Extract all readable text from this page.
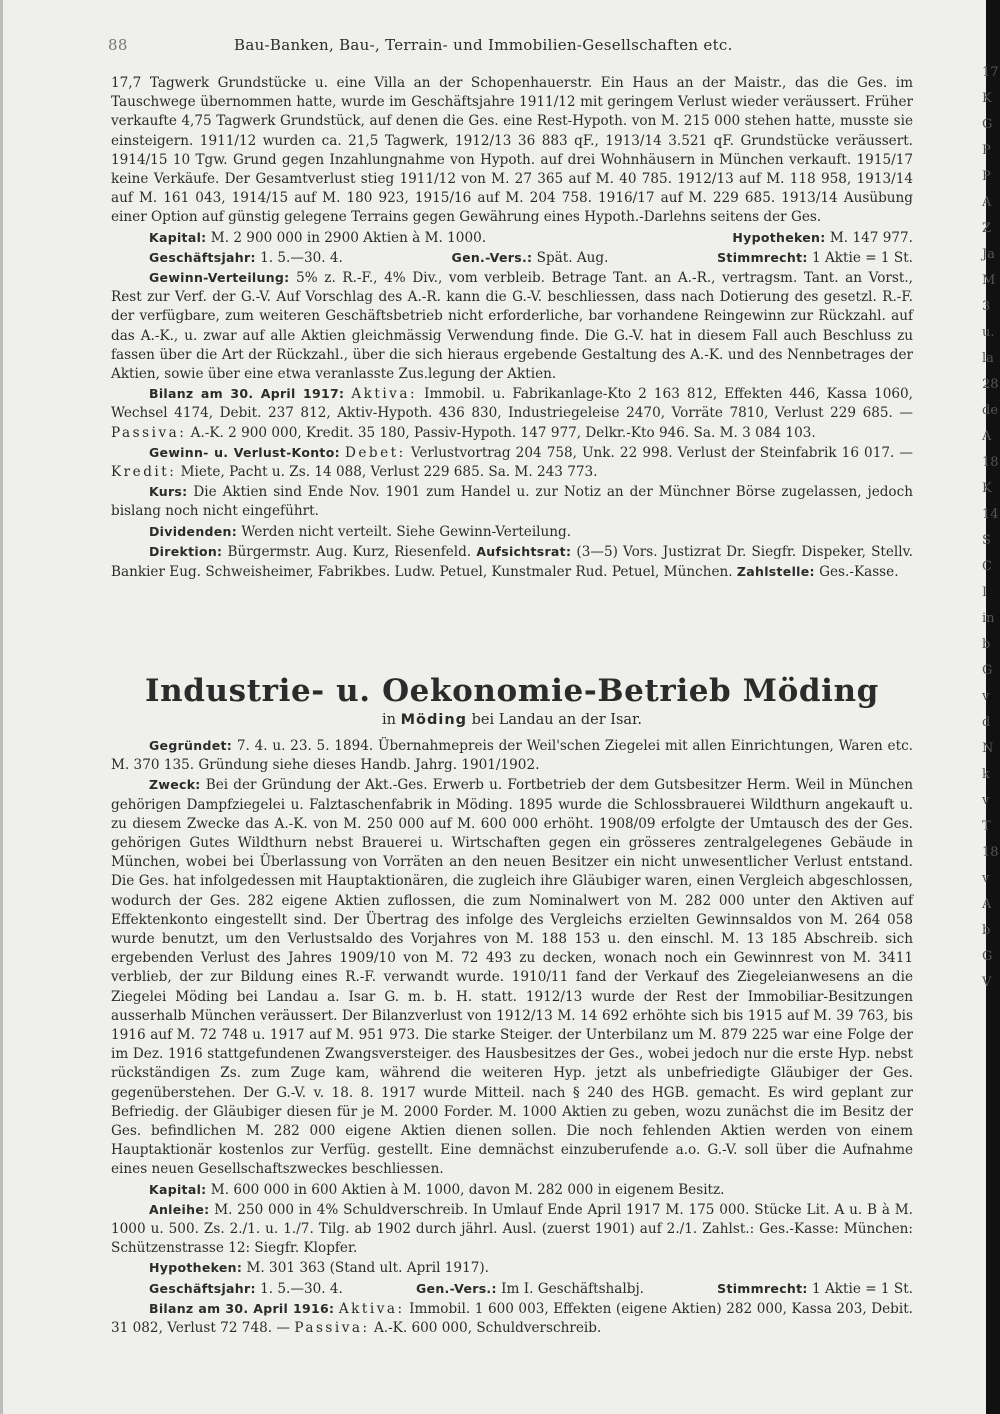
88	Bau-Banken, Bau-, Terrain- und Immobilien-Gesellschaften etc.

17,7 Tagwerk Grundstücke u. eine Villa an der Schopenhauerstr. Ein Haus an der Maistr., das die Ges. im Tauschwege übernommen hatte, wurde im Geschäftsjahre 1911/12 mit geringem Verlust wieder veräussert. Früher verkaufte 4,75 Tagwerk Grundstück, auf denen die Ges. eine Rest-Hypoth. von M. 215 000 stehen hatte, musste sie einsteigern. 1911/12 wurden ca. 21,5 Tagwerk, 1912/13 36 883 qF., 1913/14 3.521 qF. Grundstücke veräussert. 1914/15 10 Tgw. Grund gegen Inzahlungnahme von Hypoth. auf drei Wohnhäusern in München verkauft. 1915/17 keine Verkäufe. Der Gesamtverlust stieg 1911/12 von M. 27 365 auf M. 40 785. 1912/13 auf M. 118 958, 1913/14 auf M. 161 043, 1914/15 auf M. 180 923, 1915/16 auf M. 204 758. 1916/17 auf M. 229 685. 1913/14 Ausübung einer Option auf günstig gelegene Terrains gegen Gewährung eines Hypoth.-Darlehns seitens der Ges.

Kapital: M. 2 900 000 in 2900 Aktien à M. 1000.	Hypotheken: M. 147 977.

Geschäftsjahr: 1. 5.—30. 4.	Gen.-Vers.: Spät. Aug.	Stimmrecht: 1 Aktie = 1 St.

Gewinn-Verteilung: 5% z. R.-F., 4% Div., vom verbleib. Betrage Tant. an A.-R., vertragsm. Tant. an Vorst., Rest zur Verf. der G.-V. Auf Vorschlag des A.-R. kann die G.-V. beschliessen, dass nach Dotierung des gesetzl. R.-F. der verfügbare, zum weiteren Geschäftsbetrieb nicht erforderliche, bar vorhandene Reingewinn zur Rückzahl. auf das A.-K., u. zwar auf alle Aktien gleichmässig Verwendung finde. Die G.-V. hat in diesem Fall auch Beschluss zu fassen über die Art der Rückzahl., über die sich hieraus ergebende Gestaltung des A.-K. und des Nennbetrages der Aktien, sowie über eine etwa veranlasste Zus.legung der Aktien.

Bilanz am 30. April 1917: Aktiva: Immobil. u. Fabrikanlage-Kto 2 163 812, Effekten 446, Kassa 1060, Wechsel 4174, Debit. 237 812, Aktiv-Hypoth. 436 830, Industriegeleise 2470, Vorräte 7810, Verlust 229 685. — Passiva: A.-K. 2 900 000, Kredit. 35 180, Passiv-Hypoth. 147 977, Delkr.-Kto 946. Sa. M. 3 084 103.

Gewinn- u. Verlust-Konto: Debet: Verlustvortrag 204 758, Unk. 22 998. Verlust der Steinfabrik 16 017. — Kredit: Miete, Pacht u. Zs. 14 088, Verlust 229 685. Sa. M. 243 773.

Kurs: Die Aktien sind Ende Nov. 1901 zum Handel u. zur Notiz an der Münchner Börse zugelassen, jedoch bislang noch nicht eingeführt.

Dividenden: Werden nicht verteilt. Siehe Gewinn-Verteilung.

Direktion: Bürgermstr. Aug. Kurz, Riesenfeld. Aufsichtsrat: (3—5) Vors. Justizrat Dr. Siegfr. Dispeker, Stellv. Bankier Eug. Schweisheimer, Fabrikbes. Ludw. Petuel, Kunstmaler Rud. Petuel, München. Zahlstelle: Ges.-Kasse.

Industrie- u. Oekonomie-Betrieb Möding
in Möding bei Landau an der Isar.

Gegründet: 7. 4. u. 23. 5. 1894. Übernahmepreis der Weil'schen Ziegelei mit allen Einrichtungen, Waren etc. M. 370 135. Gründung siehe dieses Handb. Jahrg. 1901/1902.

Zweck: Bei der Gründung der Akt.-Ges. Erwerb u. Fortbetrieb der dem Gutsbesitzer Herm. Weil in München gehörigen Dampfziegelei u. Falztaschenfabrik in Möding. 1895 wurde die Schlossbrauerei Wildthurn angekauft u. zu diesem Zwecke das A.-K. von M. 250 000 auf M. 600 000 erhöht. 1908/09 erfolgte der Umtausch des der Ges. gehörigen Gutes Wildthurn nebst Brauerei u. Wirtschaften gegen ein grösseres zentralgelegenes Gebäude in München, wobei bei Überlassung von Vorräten an den neuen Besitzer ein nicht unwesentlicher Verlust entstand. Die Ges. hat infolgedessen mit Hauptaktionären, die zugleich ihre Gläubiger waren, einen Vergleich abgeschlossen, wodurch der Ges. 282 eigene Aktien zuflossen, die zum Nominalwert von M. 282 000 unter den Aktiven auf Effektenkonto eingestellt sind. Der Übertrag des infolge des Vergleichs erzielten Gewinnsaldos von M. 264 058 wurde benutzt, um den Verlustsaldo des Vorjahres von M. 188 153 u. den einschl. M. 13 185 Abschreib. sich ergebenden Verlust des Jahres 1909/10 von M. 72 493 zu decken, wonach noch ein Gewinnrest von M. 3411 verblieb, der zur Bildung eines R.-F. verwandt wurde. 1910/11 fand der Verkauf des Ziegeleianwesens an die Ziegelei Möding bei Landau a. Isar G. m. b. H. statt. 1912/13 wurde der Rest der Immobiliar-Besitzungen ausserhalb München veräussert. Der Bilanzverlust von 1912/13 M. 14 692 erhöhte sich bis 1915 auf M. 39 763, bis 1916 auf M. 72 748 u. 1917 auf M. 951 973. Die starke Steiger. der Unterbilanz um M. 879 225 war eine Folge der im Dez. 1916 stattgefundenen Zwangsversteiger. des Hausbesitzes der Ges., wobei jedoch nur die erste Hyp. nebst rückständigen Zs. zum Zuge kam, während die weiteren Hyp. jetzt als unbefriedigte Gläubiger der Ges. gegenüberstehen. Der G.-V. v. 18. 8. 1917 wurde Mitteil. nach § 240 des HGB. gemacht. Es wird geplant zur Befriedig. der Gläubiger diesen für je M. 2000 Forder. M. 1000 Aktien zu geben, wozu zunächst die im Besitz der Ges. befindlichen M. 282 000 eigene Aktien dienen sollen. Die noch fehlenden Aktien werden von einem Hauptaktionär kostenlos zur Verfüg. gestellt. Eine demnächst einzuberufende a.o. G.-V. soll über die Aufnahme eines neuen Gesellschaftszweckes beschliessen.

Kapital: M. 600 000 in 600 Aktien à M. 1000, davon M. 282 000 in eigenem Besitz.

Anleihe: M. 250 000 in 4% Schuldverschreib. In Umlauf Ende April 1917 M. 175 000. Stücke Lit. A u. B à M. 1000 u. 500. Zs. 2./1. u. 1./7. Tilg. ab 1902 durch jährl. Ausl. (zuerst 1901) auf 2./1. Zahlst.: Ges.-Kasse: München: Schützenstrasse 12: Siegfr. Klopfer.

Hypotheken: M. 301 363 (Stand ult. April 1917).

Geschäftsjahr: 1. 5.—30. 4.	Gen.-Vers.: Im I. Geschäftshalbj.	Stimmrecht: 1 Aktie = 1 St.

Bilanz am 30. April 1916: Aktiva: Immobil. 1 600 003, Effekten (eigene Aktien) 282 000, Kassa 203, Debit. 31 082, Verlust 72 748. — Passiva: A.-K. 600 000, Schuldverschreib.

17
K
G
P
P
A
Z
Ja
M
3
u.
la
28
de
A
18
K
14
S
C
I
in
b
G
v
d
N
k
v
T
18
v
A
b
G
V
